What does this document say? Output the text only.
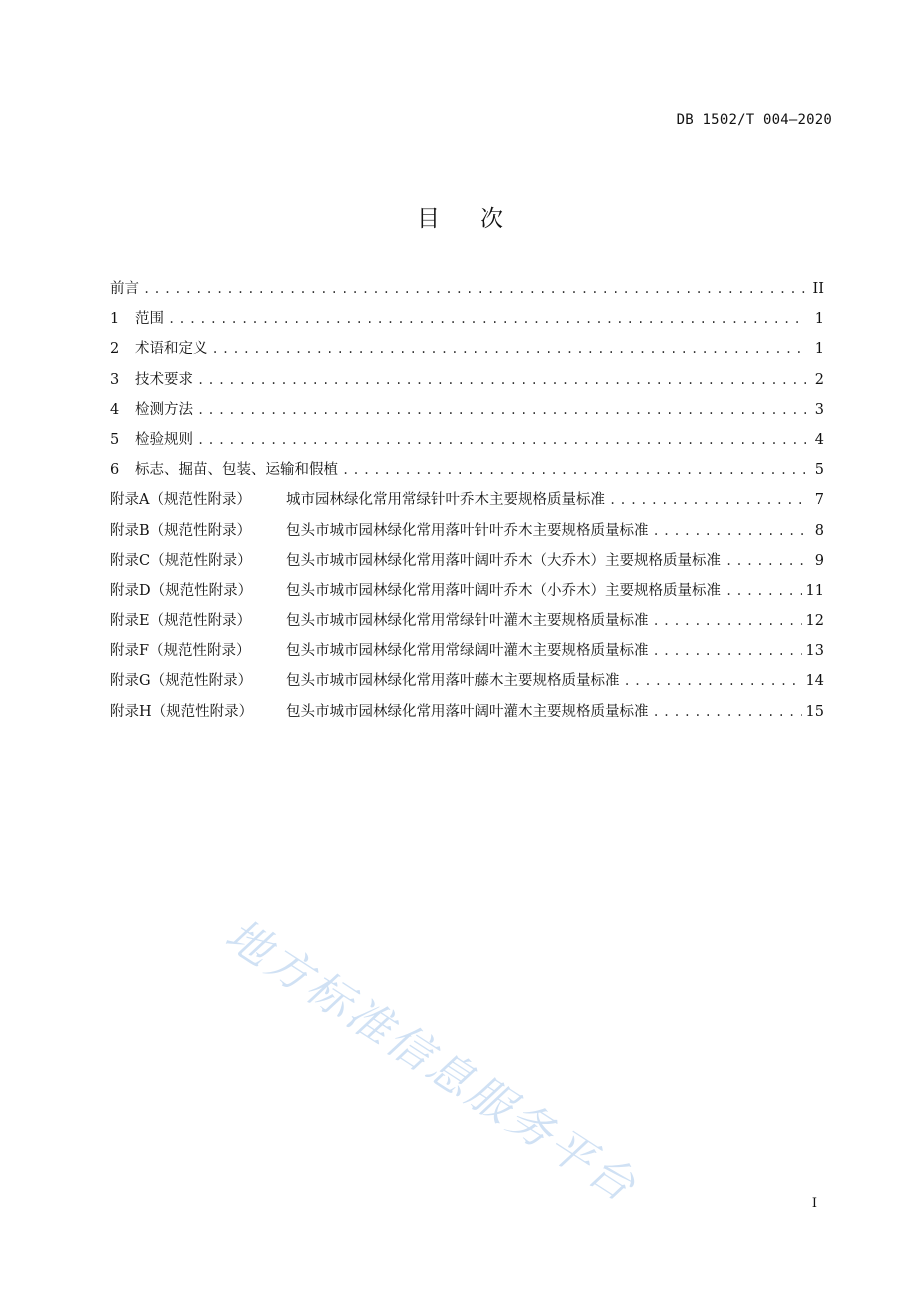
DB 1502/T 004—2020
目 次
前言 .....	II
1	范围 .....	1
2	术语和定义 .....	1
3	技术要求 .....	2
4	检测方法 .....	3
5	检验规则 .....	4
6	标志、掘苗、包装、运输和假植 .....	5
附录A（规范性附录）	城市园林绿化常用常绿针叶乔木主要规格质量标准 .....	7
附录B（规范性附录）	包头市城市园林绿化常用落叶针叶乔木主要规格质量标准 .....	8
附录C（规范性附录）	包头市城市园林绿化常用落叶阔叶乔木（大乔木）主要规格质量标准 .....	9
附录D（规范性附录）	包头市城市园林绿化常用落叶阔叶乔木（小乔木）主要规格质量标准 .....	11
附录E（规范性附录）	包头市城市园林绿化常用常绿针叶灌木主要规格质量标准 .....	12
附录F（规范性附录）	包头市城市园林绿化常用常绿阔叶灌木主要规格质量标准 .....	13
附录G（规范性附录）	包头市城市园林绿化常用落叶藤木主要规格质量标准 .....	14
附录H（规范性附录）	包头市城市园林绿化常用落叶阔叶灌木主要规格质量标准 .....	15
地方标准信息服务平台	I
